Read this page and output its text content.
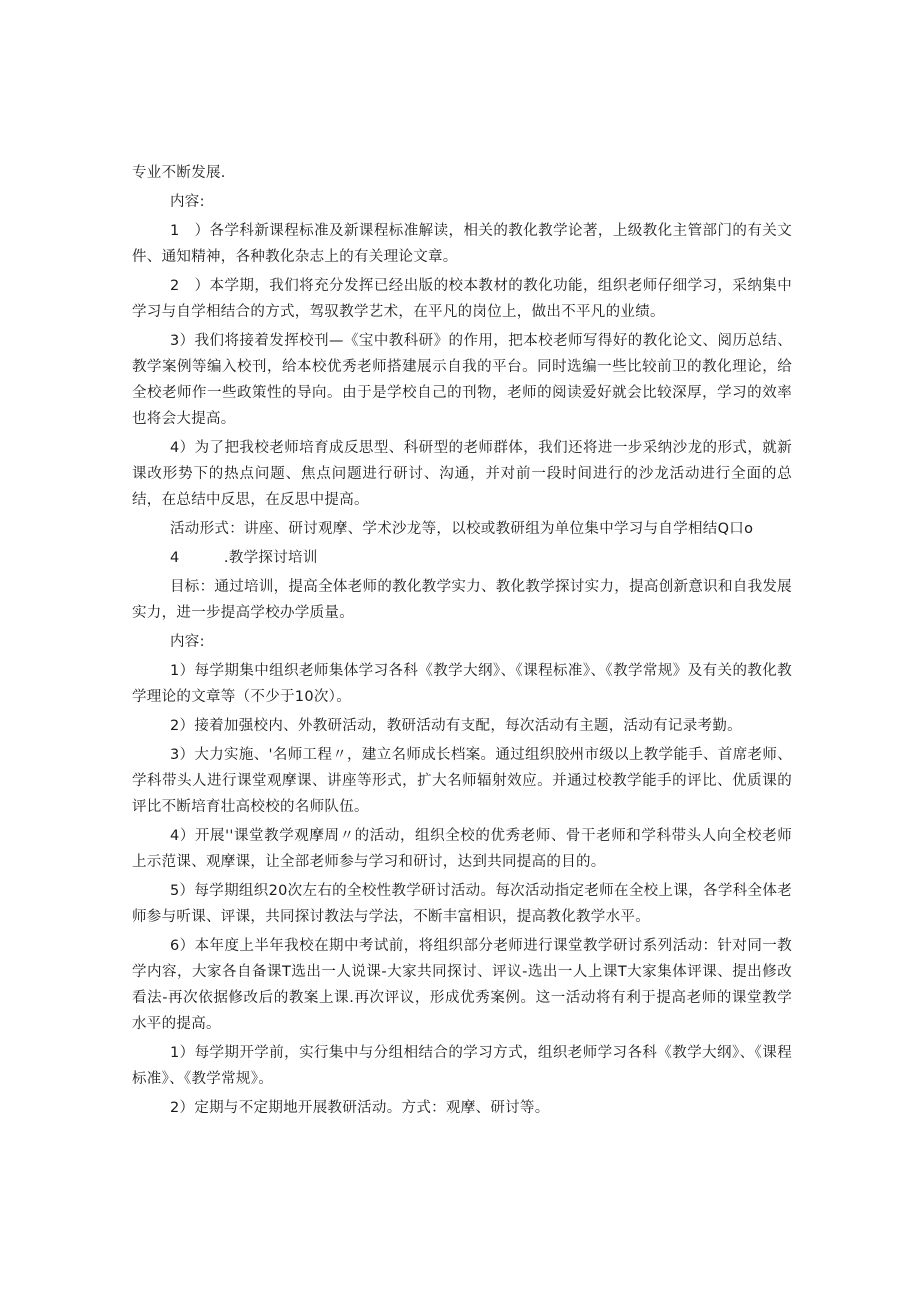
专业不断发展.

内容:

1　）各学科新课程标准及新课程标准解读，相关的教化教学论著，上级教化主管部门的有关文件、通知精神，各种教化杂志上的有关理论文章。

2　）本学期，我们将充分发挥已经出版的校本教材的教化功能，组织老师仔细学习，采纳集中学习与自学相结合的方式，驾驭教学艺术，在平凡的岗位上，做出不平凡的业绩。

3）我们将接着发挥校刊—《宝中教科研》的作用，把本校老师写得好的教化论文、阅历总结、教学案例等编入校刊，给本校优秀老师搭建展示自我的平台。同时选编一些比较前卫的教化理论，给全校老师作一些政策性的导向。由于是学校自己的刊物，老师的阅读爱好就会比较深厚，学习的效率也将会大提高。

4）为了把我校老师培育成反思型、科研型的老师群体，我们还将进一步采纳沙龙的形式，就新课改形势下的热点问题、焦点问题进行研讨、沟通，并对前一段时间进行的沙龙活动进行全面的总结，在总结中反思，在反思中提高。

活动形式：讲座、研讨观摩、学术沙龙等，以校或教研组为单位集中学习与自学相结Q口o

4　　　.教学探讨培训

目标：通过培训，提高全体老师的教化教学实力、教化教学探讨实力，提高创新意识和自我发展实力，进一步提高学校办学质量。

内容:

1）每学期集中组织老师集体学习各科《教学大纲》、《课程标准》、《教学常规》及有关的教化教学理论的文章等（不少于10次）。

2）接着加强校内、外教研活动，教研活动有支配，每次活动有主题，活动有记录考勤。

3）大力实施、'名师工程〃，建立名师成长档案。通过组织胶州市级以上教学能手、首席老师、学科带头人进行课堂观摩课、讲座等形式，扩大名师辐射效应。并通过校教学能手的评比、优质课的评比不断培育壮高校校的名师队伍。

4）开展''课堂教学观摩周〃的活动，组织全校的优秀老师、骨干老师和学科带头人向全校老师上示范课、观摩课，让全部老师参与学习和研讨，达到共同提高的目的。

5）每学期组织20次左右的全校性教学研讨活动。每次活动指定老师在全校上课，各学科全体老师参与听课、评课，共同探讨教法与学法，不断丰富相识，提高教化教学水平。

6）本年度上半年我校在期中考试前，将组织部分老师进行课堂教学研讨系列活动：针对同一教学内容，大家各自备课T选出一人说课-大家共同探讨、评议-选出一人上课T大家集体评课、提出修改看法-再次依据修改后的教案上课.再次评议，形成优秀案例。这一活动将有利于提高老师的课堂教学水平的提高。

1）每学期开学前，实行集中与分组相结合的学习方式，组织老师学习各科《教学大纲》、《课程标准》、《教学常规》。

2）定期与不定期地开展教研活动。方式：观摩、研讨等。
